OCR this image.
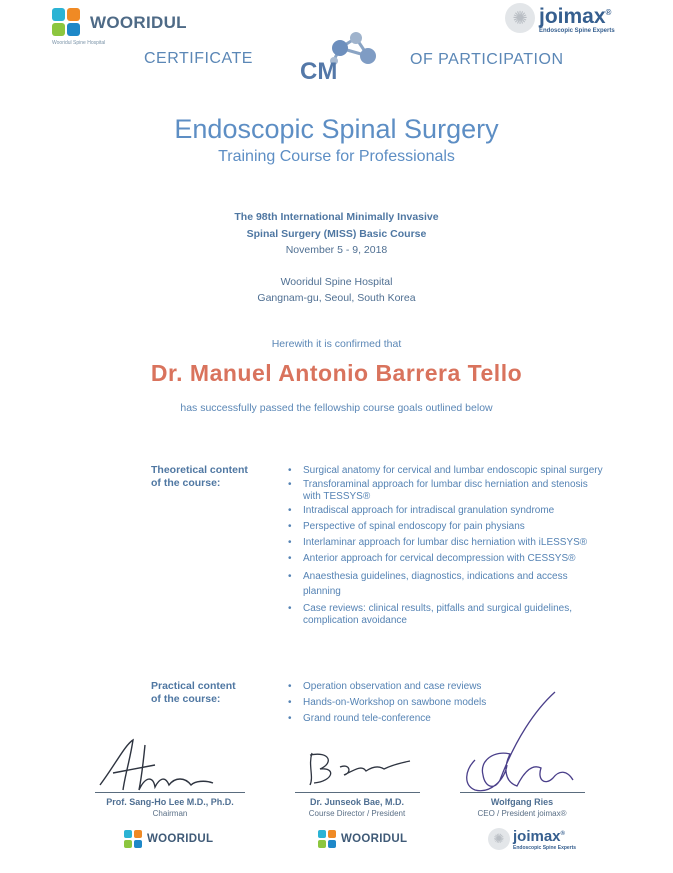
WOORIDUL
Wooridul Spine Hospital
✺ joimax®
Endoscopic Spine Experts
CERTIFICATE CM	OF PARTICIPATION
Endoscopic Spinal Surgery
Training Course for Professionals
The 98th International Minimally Invasive
Spinal Surgery (MISS) Basic Course
November 5 - 9, 2018
Wooridul Spine Hospital
Gangnam-gu, Seoul, South Korea
Herewith it is confirmed that
Dr. Manuel Antonio Barrera Tello
has successfully passed the fellowship course goals outlined below
Theoretical content
of the course:
• Surgical anatomy for cervical and lumbar endoscopic spinal surgery
• Transforaminal approach for lumbar disc herniation and stenosis with TESSYS®
• Intradiscal approach for intradiscal granulation syndrome
• Perspective of spinal endoscopy for pain physians
• Interlaminar approach for lumbar disc herniation with iLESSYS®
• Anterior approach for cervical decompression with CESSYS®
• Anaesthesia guidelines, diagnostics, indications and access planning
• Case reviews: clinical results, pitfalls and surgical guidelines, complication avoidance
Practical content
of the course:
• Operation observation and case reviews
• Hands-on-Workshop on sawbone models
• Grand round tele-conference
Prof. Sang-Ho Lee M.D., Ph.D.
Chairman
Dr. Junseok Bae, M.D.
Course Director / President
Wolfgang Ries
CEO / President joimax®
WOORIDUL	WOORIDUL	✺ joimax®
Endoscopic Spine Experts
